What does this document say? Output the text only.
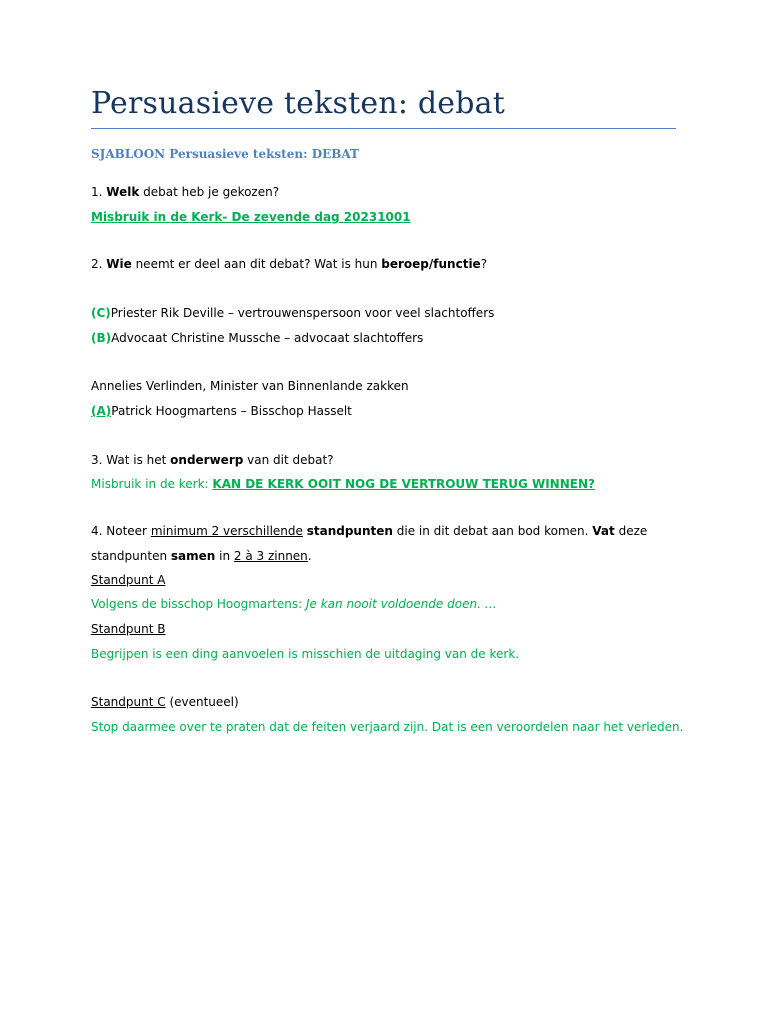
Persuasieve teksten: debat
SJABLOON Persuasieve teksten: DEBAT

1. Welk debat heb je gekozen?

Misbruik in de Kerk- De zevende dag 20231001

2. Wie neemt er deel aan dit debat? Wat is hun beroep/functie?

(C)Priester Rik Deville – vertrouwenspersoon voor veel slachtoffers

(B)Advocaat Christine Mussche – advocaat slachtoffers

Annelies Verlinden, Minister van Binnenlande zakken

(A)Patrick Hoogmartens – Bisschop Hasselt

3. Wat is het onderwerp van dit debat?

Misbruik in de kerk: KAN DE KERK OOIT NOG DE VERTROUW TERUG WINNEN?

4. Noteer minimum 2 verschillende standpunten die in dit debat aan bod komen. Vat deze

standpunten samen in 2 à 3 zinnen.

Standpunt A

Volgens de bisschop Hoogmartens: Je kan nooit voldoende doen. …

Standpunt B

Begrijpen is een ding aanvoelen is misschien de uitdaging van de kerk.

Standpunt C (eventueel)

Stop daarmee over te praten dat de feiten verjaard zijn. Dat is een veroordelen naar het verleden.
